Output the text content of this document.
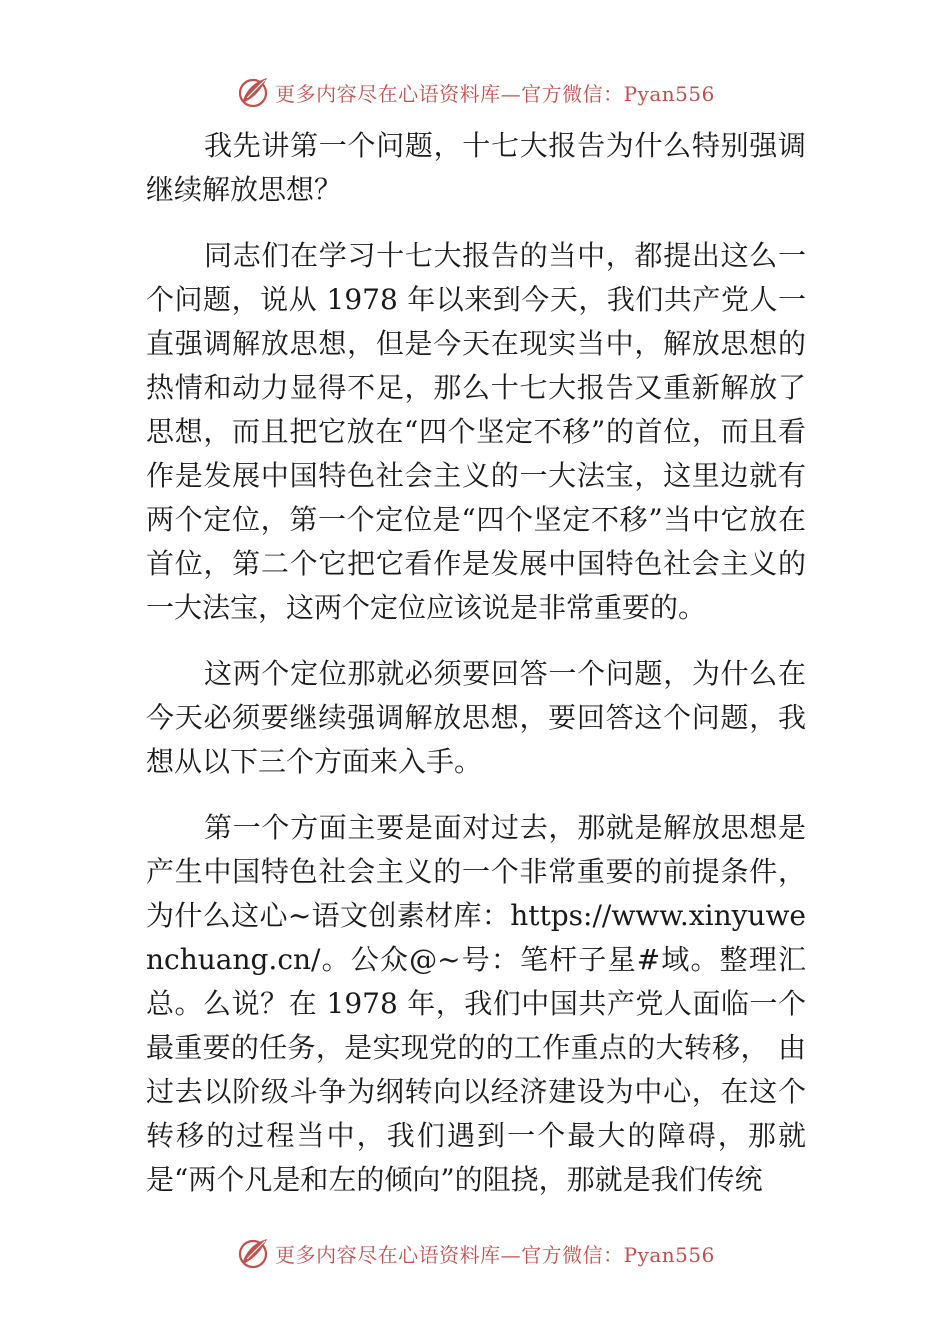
更多内容尽在心语资料库—官方微信：Pyan556

我先讲第一个问题，十七大报告为什么特别强调继续解放思想？

同志们在学习十七大报告的当中，都提出这么一个问题，说从 1978 年以来到今天，我们共产党人一直强调解放思想，但是今天在现实当中，解放思想的热情和动力显得不足，那么十七大报告又重新解放了思想，而且把它放在“四个坚定不移”的首位，而且看作是发展中国特色社会主义的一大法宝，这里边就有两个定位，第一个定位是“四个坚定不移”当中它放在首位，第二个它把它看作是发展中国特色社会主义的一大法宝，这两个定位应该说是非常重要的。

这两个定位那就必须要回答一个问题，为什么在今天必须要继续强调解放思想，要回答这个问题，我想从以下三个方面来入手。

第一个方面主要是面对过去，那就是解放思想是产生中国特色社会主义的一个非常重要的前提条件，为什么这心~语文创素材库：https://www.xinyuwenchuang.cn/。公众@~号：笔杆子星#域。整理汇总。么说？在 1978 年，我们中国共产党人面临一个最重要的任务，是实现党的的工作重点的大转移， 由过去以阶级斗争为纲转向以经济建设为中心，在这个转移的过程当中，我们遇到一个最大的障碍，那就是“两个凡是和左的倾向”的阻挠，那就是我们传统

更多内容尽在心语资料库—官方微信：Pyan556
